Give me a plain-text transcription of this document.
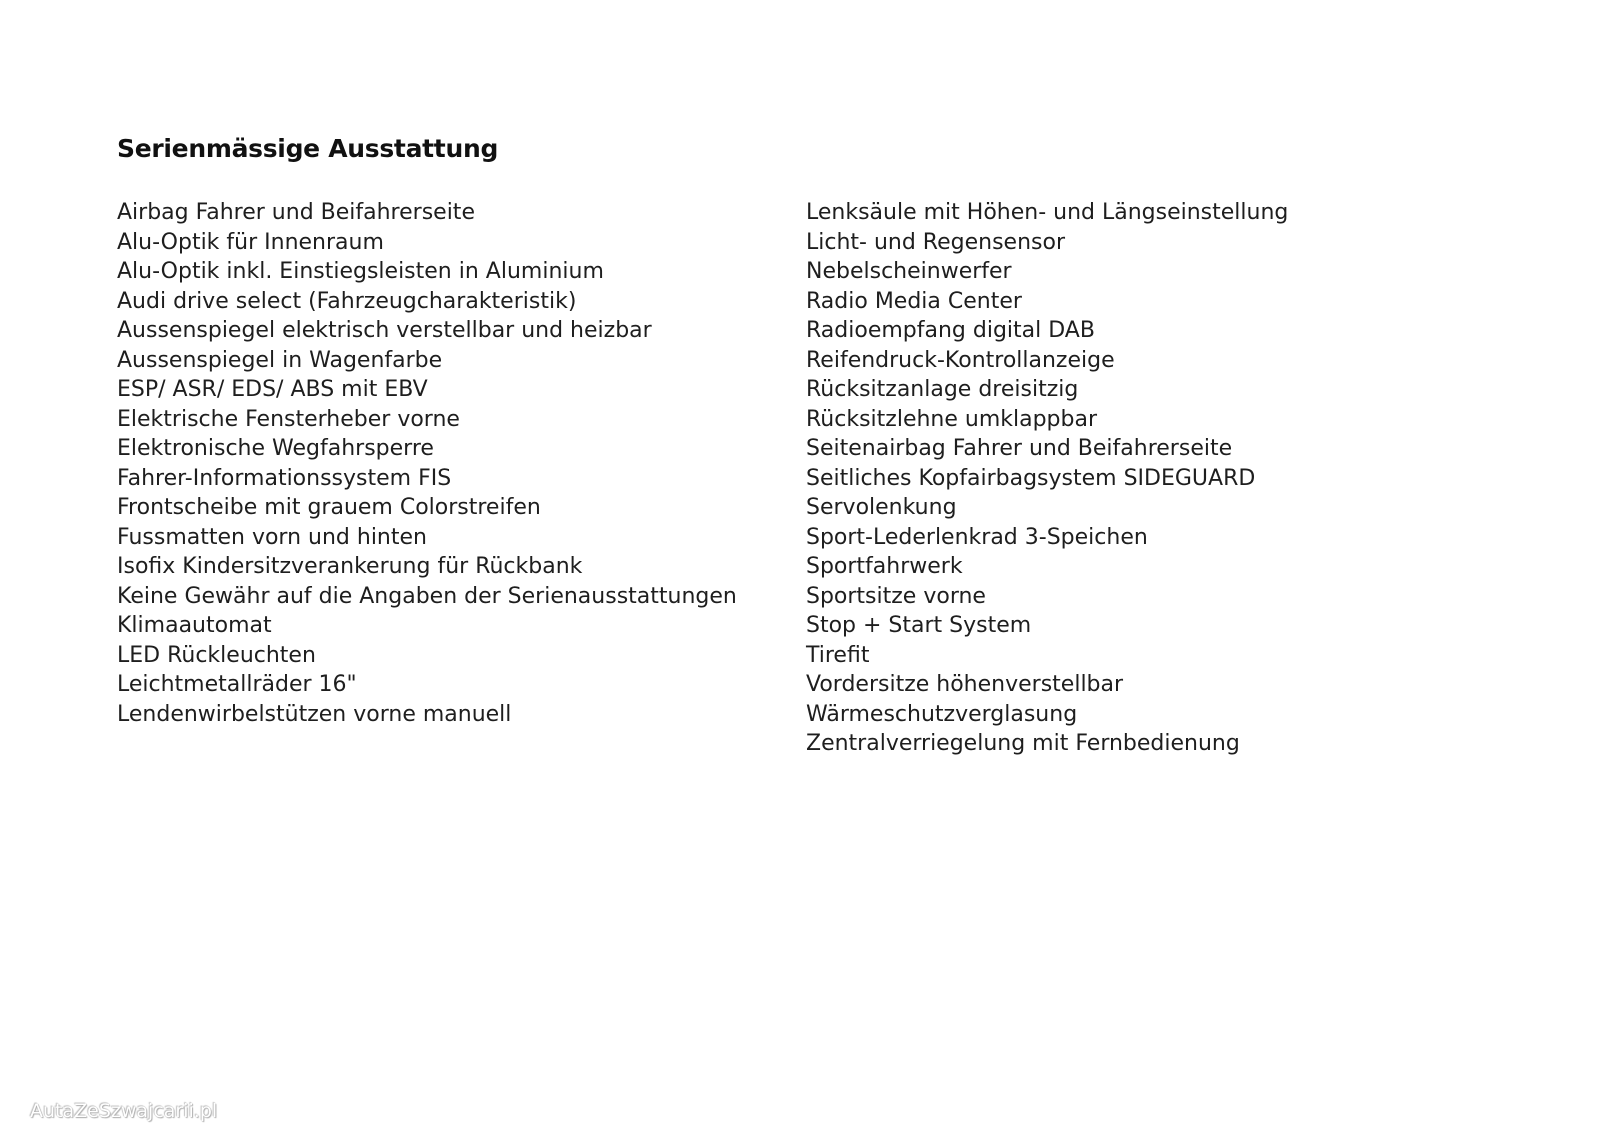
Serienmässige Ausstattung
Airbag Fahrer und Beifahrerseite
Alu-Optik für Innenraum
Alu-Optik inkl. Einstiegsleisten in Aluminium
Audi drive select (Fahrzeugcharakteristik)
Aussenspiegel elektrisch verstellbar und heizbar
Aussenspiegel in Wagenfarbe
ESP/ ASR/ EDS/ ABS mit EBV
Elektrische Fensterheber vorne
Elektronische Wegfahrsperre
Fahrer-Informationssystem FIS
Frontscheibe mit grauem Colorstreifen
Fussmatten vorn und hinten
Isofix Kindersitzverankerung für Rückbank
Keine Gewähr auf die Angaben der Serienausstattungen
Klimaautomat
LED Rückleuchten
Leichtmetallräder 16"
Lendenwirbelstützen vorne manuell
Lenksäule mit Höhen- und Längseinstellung
Licht- und Regensensor
Nebelscheinwerfer
Radio Media Center
Radioempfang digital DAB
Reifendruck-Kontrollanzeige
Rücksitzanlage dreisitzig
Rücksitzlehne umklappbar
Seitenairbag Fahrer und Beifahrerseite
Seitliches Kopfairbagsystem SIDEGUARD
Servolenkung
Sport-Lederlenkrad 3-Speichen
Sportfahrwerk
Sportsitze vorne
Stop + Start System
Tirefit
Vordersitze höhenverstellbar
Wärmeschutzverglasung
Zentralverriegelung mit Fernbedienung
AutaZeSzwajcarii.pl
